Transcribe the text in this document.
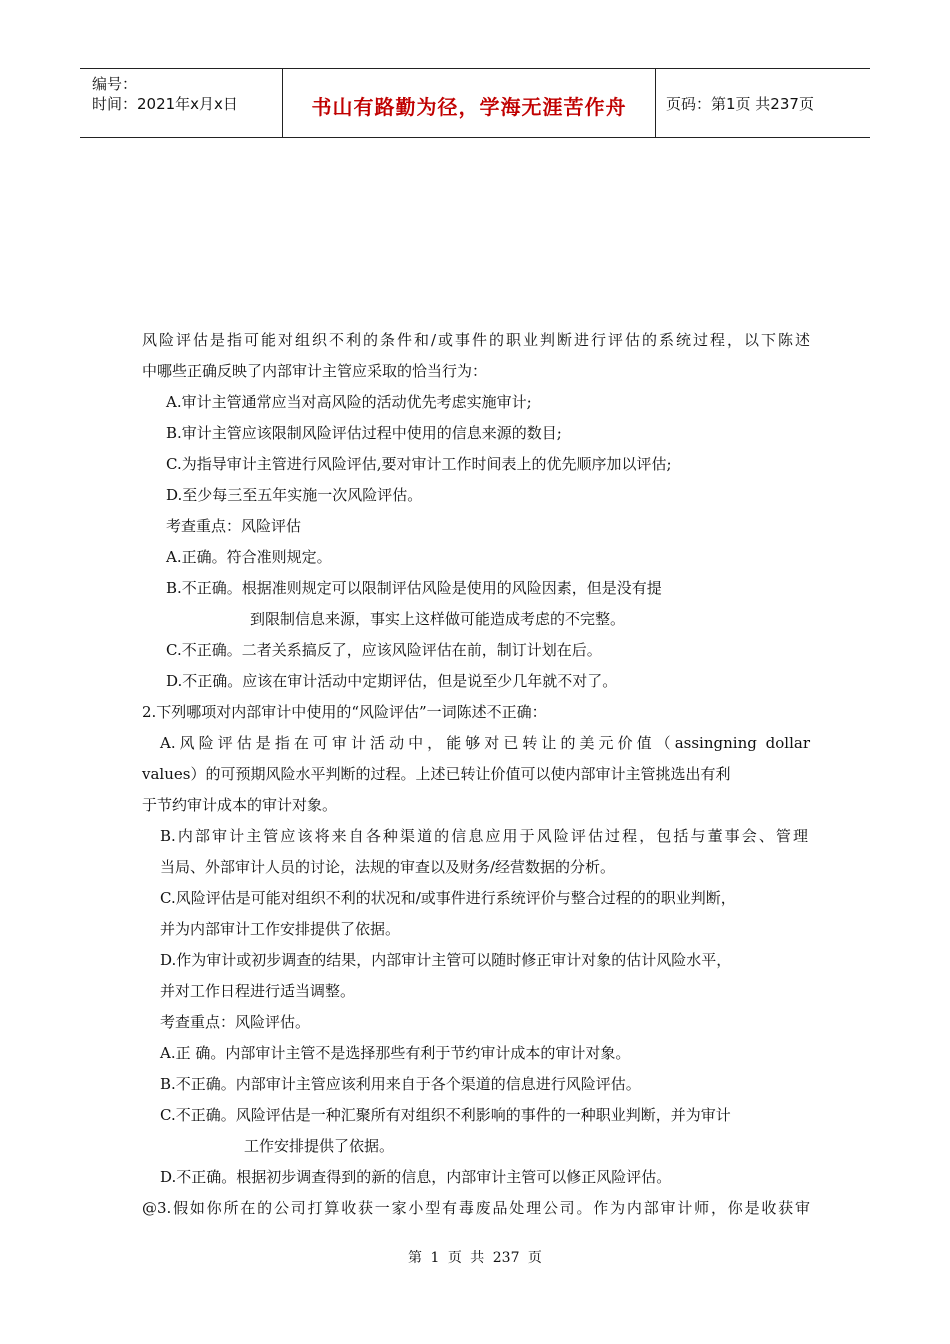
编号：
时间：2021年x月x日	书山有路勤为径，学海无涯苦作舟	页码：第1页 共237页
风险评估是指可能对组织不利的条件和/或事件的职业判断进行评估的系统过程，以下陈述
中哪些正确反映了内部审计主管应采取的恰当行为：
A.审计主管通常应当对高风险的活动优先考虑实施审计;
B.审计主管应该限制风险评估过程中使用的信息来源的数目;
C.为指导审计主管进行风险评估,要对审计工作时间表上的优先顺序加以评估;
D.至少每三至五年实施一次风险评估。
考查重点：风险评估
A.正确。符合准则规定。
B.不正确。根据准则规定可以限制评估风险是使用的风险因素，但是没有提
到限制信息来源，事实上这样做可能造成考虑的不完整。
C.不正确。二者关系搞反了，应该风险评估在前，制订计划在后。
D.不正确。应该在审计活动中定期评估，但是说至少几年就不对了。
2.下列哪项对内部审计中使用的“风险评估”一词陈述不正确：
A.风险评估是指在可审计活动中，能够对已转让的美元价值（assingning dollar
values）的可预期风险水平判断的过程。上述已转让价值可以使内部审计主管挑选出有利
于节约审计成本的审计对象。
B.内部审计主管应该将来自各种渠道的信息应用于风险评估过程，包括与董事会、管理
当局、外部审计人员的讨论，法规的审查以及财务/经营数据的分析。
C.风险评估是可能对组织不利的状况和/或事件进行系统评价与整合过程的的职业判断，
并为内部审计工作安排提供了依据。
D.作为审计或初步调查的结果，内部审计主管可以随时修正审计对象的估计风险水平，
并对工作日程进行适当调整。
考查重点：风险评估。
A.正 确。内部审计主管不是选择那些有利于节约审计成本的审计对象。
B.不正确。内部审计主管应该利用来自于各个渠道的信息进行风险评估。
C.不正确。风险评估是一种汇聚所有对组织不利影响的事件的一种职业判断，并为审计
工作安排提供了依据。
D.不正确。根据初步调查得到的新的信息，内部审计主管可以修正风险评估。
@3.假如你所在的公司打算收获一家小型有毒废品处理公司。作为内部审计师，你是收获审
第 1 页 共 237 页
